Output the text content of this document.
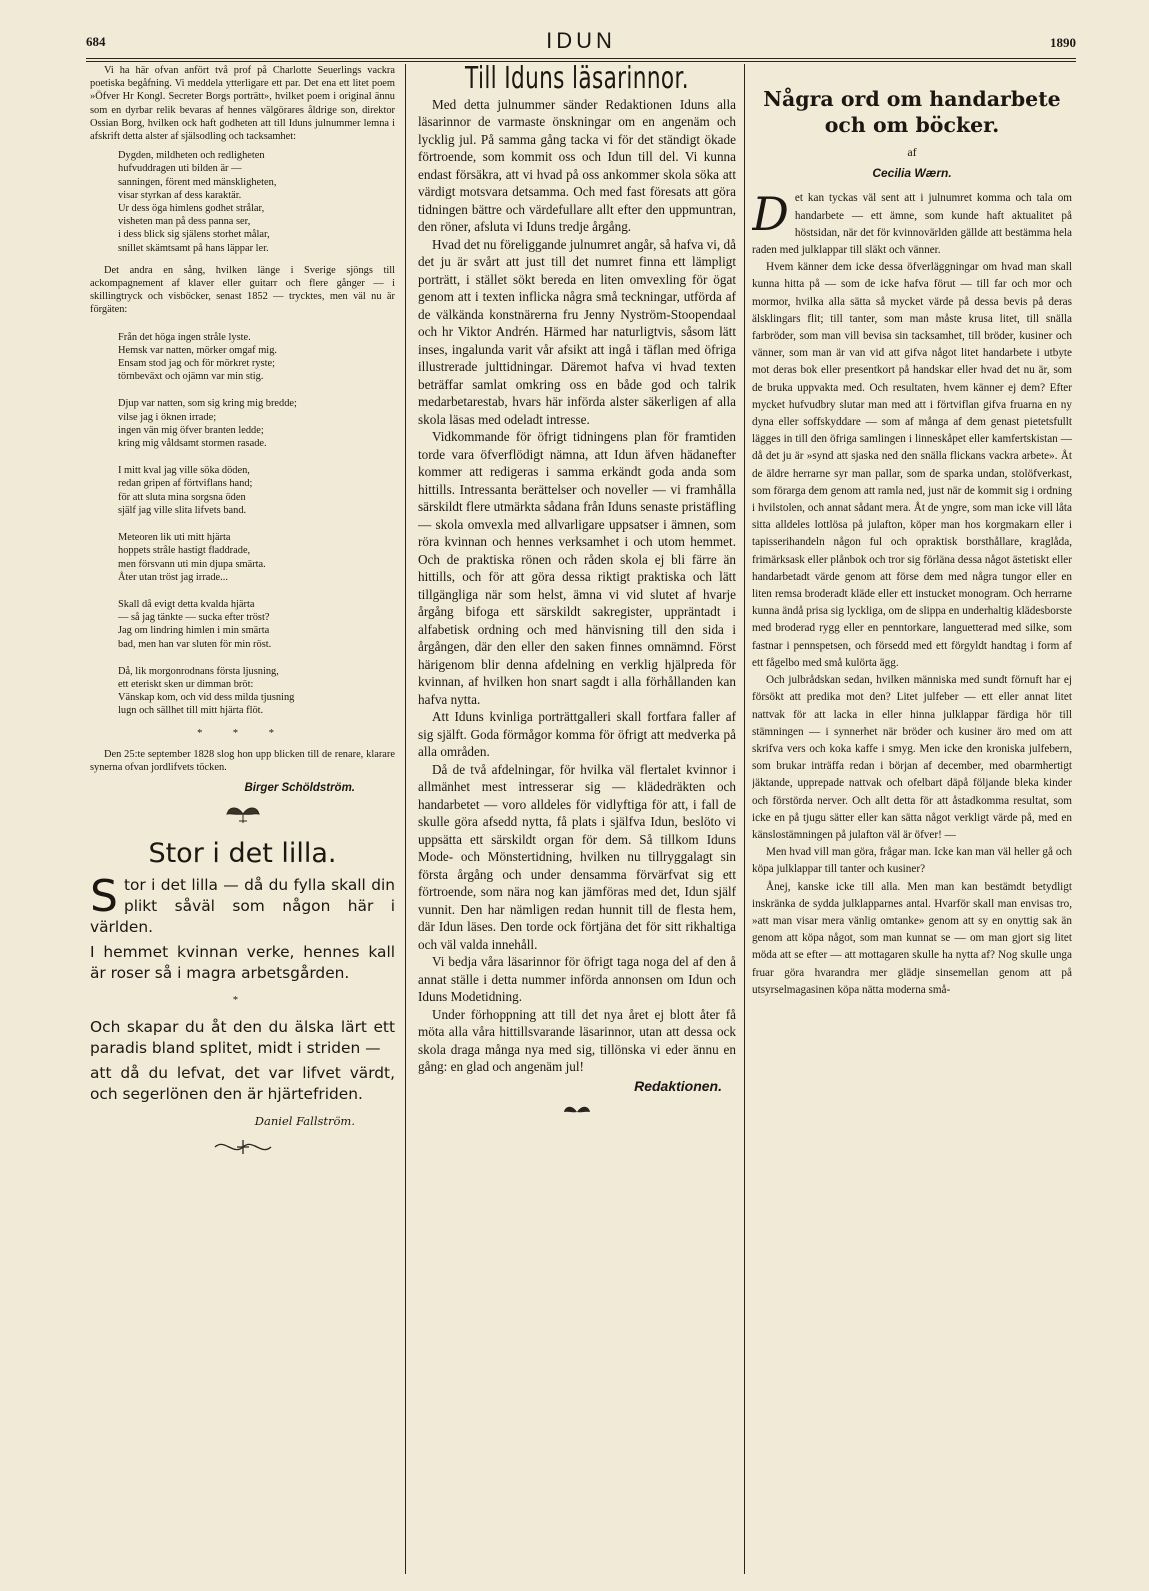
684	IDUN	1890

Vi ha här ofvan anfört två prof på Charlotte Seuerlings vackra poetiska begåfning. Vi meddela ytterligare ett par. Det ena ett litet poem »Öfver Hr Kongl. Secreter Borgs porträtt», hvilket poem i original ännu som en dyrbar relik bevaras af hennes välgörares åldrige son, direktor Ossian Borg, hvilken ock haft godheten att till Iduns julnummer lemna i afskrift detta alster af själsodling och tacksamhet:

Dygden, mildheten och redligheten
hufvuddragen uti bilden är —
sanningen, förent med mänskligheten,
visar styrkan af dess karaktär.
Ur dess öga himlens godhet strålar,
visheten man på dess panna ser,
i dess blick sig själens storhet målar,
snillet skämtsamt på hans läppar ler.

Det andra en sång, hvilken länge i Sverige sjöngs till ackompagnement af klaver eller guitarr och flere gånger — i skillingtryck och visböcker, senast 1852 — trycktes, men väl nu är förgäten:

Från det höga ingen stråle lyste.
Hemsk var natten, mörker omgaf mig.
Ensam stod jag och för mörkret ryste;
törnbeväxt och ojämn var min stig.
Djup var natten, som sig kring mig bredde;
vilse jag i öknen irrade;
ingen vän mig öfver branten ledde;
kring mig våldsamt stormen rasade.
I mitt kval jag ville söka döden,
redan gripen af förtviflans hand;
för att sluta mina sorgsna öden
själf jag ville slita lifvets band.
Meteoren lik uti mitt hjärta
hoppets stråle hastigt fladdrade,
men försvann uti min djupa smärta.
Åter utan tröst jag irrade...
Skall då evigt detta kvalda hjärta
— så jag tänkte — sucka efter tröst?
Jag om lindring himlen i min smärta
bad, men han var sluten för min röst.
Då, lik morgonrodnans första ljusning,
ett eteriskt sken ur dimman bröt:
Vänskap kom, och vid dess milda tjusning
lugn och sällhet till mitt hjärta flöt.
* * *

Den 25:te september 1828 slog hon upp blicken till de renare, klarare synerna ofvan jordlifvets töcken.

Birger Schöldström.
Stor i det lilla.
S tor i det lilla — då du fylla skall din plikt såväl som någon här i världen.
I hemmet kvinnan verke, hennes kall är roser så i magra arbetsgården.
*
Och skapar du åt den du älska lärt ett paradis bland splitet, midt i striden —
att då du lefvat, det var lifvet värdt, och segerlönen den är hjärtefriden.
Daniel Fallström.
Till Iduns läsarinnor.

Med detta julnummer sänder Redaktionen Iduns alla läsarinnor de varmaste önskningar om en angenäm och lycklig jul. På samma gång tacka vi för det ständigt ökade förtroende, som kommit oss och Idun till del. Vi kunna endast försäkra, att vi hvad på oss ankommer skola söka att värdigt motsvara detsamma. Och med fast föresats att göra tidningen bättre och värdefullare allt efter den uppmuntran, den röner, afsluta vi Iduns tredje årgång.

Hvad det nu föreliggande julnumret angår, så hafva vi, då det ju är svårt att just till det numret finna ett lämpligt porträtt, i stället sökt bereda en liten omvexling för ögat genom att i texten inflicka några små teckningar, utförda af de välkända konstnärerna fru Jenny Nyström-Stoopendaal och hr Viktor Andrén. Härmed har naturligtvis, såsom lätt inses, ingalunda varit vår afsikt att ingå i täflan med öfriga illustrerade julttidningar. Däremot hafva vi hvad texten beträffar samlat omkring oss en både god och talrik medarbetarestab, hvars här införda alster säkerligen af alla skola läsas med odeladt intresse.

Vidkommande för öfrigt tidningens plan för framtiden torde vara öfverflödigt nämna, att Idun äfven hädanefter kommer att redigeras i samma erkändt goda anda som hittills. Intressanta berättelser och noveller — vi framhålla särskildt flere utmärkta sådana från Iduns senaste pristäfling — skola omvexla med allvarligare uppsatser i ämnen, som röra kvinnan och hennes verksamhet i och utom hemmet. Och de praktiska rönen och råden skola ej bli färre än hittills, och för att göra dessa riktigt praktiska och lätt tillgängliga när som helst, ämna vi vid slutet af hvarje årgång bifoga ett särskildt sakregister, uppräntadt i alfabetisk ordning och med hänvisning till den sida i årgången, där den eller den saken finnes omnämnd. Först härigenom blir denna afdelning en verklig hjälpreda för kvinnan, af hvilken hon snart sagdt i alla förhållanden kan hafva nytta.

Att Iduns kvinliga porträttgalleri skall fortfara faller af sig själft. Goda förmågor komma för öfrigt att medverka på alla områden.

Då de två afdelningar, för hvilka väl flertalet kvinnor i allmänhet mest intresserar sig — klädedräkten och handarbetet — voro alldeles för vidlyftiga för att, i fall de skulle göra afsedd nytta, få plats i själfva Idun, beslöto vi uppsätta ett särskildt organ för dem. Så tillkom Iduns Mode- och Mönstertidning, hvilken nu tillryggalagt sin första årgång och under densamma förvärfvat sig ett förtroende, som nära nog kan jämföras med det, Idun själf vunnit. Den har nämligen redan hunnit till de flesta hem, där Idun läses. Den torde ock förtjäna det för sitt rikhaltiga och väl valda innehåll.

Vi bedja våra läsarinnor för öfrigt taga noga del af den å annat ställe i detta nummer införda annonsen om Idun och Iduns Modetidning.

Under förhoppning att till det nya året ej blott åter få möta alla våra hittillsvarande läsarinnor, utan att dessa ock skola draga många nya med sig, tillönska vi eder ännu en gång: en glad och angenäm jul!

Redaktionen.
Några ord om handarbete och om böcker.
af
Cecilia Wærn.

D et kan tyckas väl sent att i julnumret komma och tala om handarbete — ett ämne, som kunde haft aktualitet på höstsidan, när det för kvinnovärlden gällde att bestämma hela raden med julklappar till släkt och vänner.

Hvem känner dem icke dessa öfverläggningar om hvad man skall kunna hitta på — som de icke hafva förut — till far och mor och mormor, hvilka alla sätta så mycket värde på dessa bevis på deras älsklingars flit; till tanter, som man måste krusa litet, till snälla farbröder, som man vill bevisa sin tacksamhet, till bröder, kusiner och vänner, som man är van vid att gifva något litet handarbete i utbyte mot deras bok eller presentkort på handskar eller hvad det nu är, som de bruka uppvakta med. Och resultaten, hvem känner ej dem? Efter mycket hufvudbry slutar man med att i förtviflan gifva fruarna en ny dyna eller soffskyddare — som af många af dem genast pietetsfullt lägges in till den öfriga samlingen i linneskåpet eller kamfertskistan — då det ju är »synd att sjaska ned den snälla flickans vackra arbete». Åt de äldre herrarne syr man pallar, som de sparka undan, stolöfverkast, som förarga dem genom att ramla ned, just när de kommit sig i ordning i hvilstolen, och annat sådant mera. Åt de yngre, som man icke vill låta sitta alldeles lottlösa på julafton, köper man hos korgmakarn eller i tapisserihandeln någon ful och opraktisk borsthållare, kraglåda, frimärksask eller plånbok och tror sig förläna dessa något ästetiskt eller handarbetadt värde genom att förse dem med några tungor eller en liten remsa broderadt kläde eller ett instucket monogram. Och herrarne kunna ändå prisa sig lyckliga, om de slippa en underhaltig klädesborste med broderad rygg eller en penntorkare, languetterad med silke, som fastnar i pennspetsen, och försedd med ett förgyldt handtag i form af ett fågelbo med små kulörta ägg.

Och julbrådskan sedan, hvilken människa med sundt förnuft har ej försökt att predika mot den? Litet julfeber — ett eller annat litet nattvak för att lacka in eller hinna julklappar färdiga hör till stämningen — i synnerhet när bröder och kusiner äro med om att skrifva vers och koka kaffe i smyg. Men icke den kroniska julfebern, som brukar inträffa redan i början af december, med obarmhertigt jäktande, upprepade nattvak och ofelbart däpå följande bleka kinder och förstörda nerver. Och allt detta för att åstadkomma resultat, som icke en på tjugu sätter eller kan sätta något verkligt värde på, med en känslostämningen på julafton väl är öfver! —

Men hvad vill man göra, frågar man. Icke kan man väl heller gå och köpa julklappar till tanter och kusiner?

Ånej, kanske icke till alla. Men man kan bestämdt betydligt inskränka de sydda julklapparnes antal. Hvarför skall man envisas tro, »att man visar mera vänlig omtanke» genom att sy en onyttig sak än genom att köpa något, som man kunnat se — om man gjort sig litet möda att se efter — att mottagaren skulle ha nytta af? Nog skulle unga fruar göra hvarandra mer glädje sinsemellan genom att på utsyrselmagasinen köpa nätta moderna små-
